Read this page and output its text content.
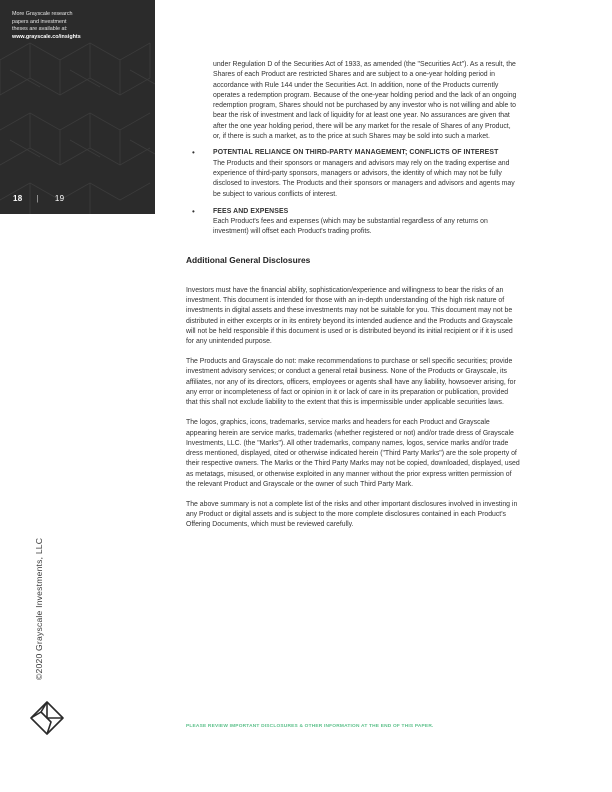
More Grayscale research
papers and investment
theses are available at:
www.grayscale.co/insights
18 | 19
©2020 Grayscale Investments, LLC

under Regulation D of the Securities Act of 1933, as amended (the "Securities Act"). As a result, the Shares of each Product are restricted Shares and are subject to a one-year holding period in accordance with Rule 144 under the Securities Act. In addition, none of the Products currently operates a redemption program. Because of the one-year holding period and the lack of an ongoing redemption program, Shares should not be purchased by any investor who is not willing and able to bear the risk of investment and lack of liquidity for at least one year. No assurances are given that after the one year holding period, there will be any market for the resale of Shares of any Product, or, if there is such a market, as to the price at such Shares may be sold into such a market.

•	POTENTIAL RELIANCE ON THIRD-PARTY MANAGEMENT; CONFLICTS OF INTEREST

The Products and their sponsors or managers and advisors may rely on the trading expertise and experience of third-party sponsors, managers or advisors, the identity of which may not be fully disclosed to investors. The Products and their sponsors or managers and advisors and agents may be subject to various conflicts of interest.

•	FEES AND EXPENSES

Each Product's fees and expenses (which may be substantial regardless of any returns on investment) will offset each Product's trading profits.

Additional General Disclosures

Investors must have the financial ability, sophistication/experience and willingness to bear the risks of an investment. This document is intended for those with an in-depth understanding of the high risk nature of investments in digital assets and these investments may not be suitable for you. This document may not be distributed in either excerpts or in its entirety beyond its intended audience and the Products and Grayscale will not be held responsible if this document is used or is distributed beyond its initial recipient or if it is used for any unintended purpose.

The Products and Grayscale do not: make recommendations to purchase or sell specific securities; provide investment advisory services; or conduct a general retail business. None of the Products or Grayscale, its affiliates, nor any of its directors, officers, employees or agents shall have any liability, howsoever arising, for any error or incompleteness of fact or opinion in it or lack of care in its preparation or publication, provided that this shall not exclude liability to the extent that this is impermissible under applicable securities laws.

The logos, graphics, icons, trademarks, service marks and headers for each Product and Grayscale appearing herein are service marks, trademarks (whether registered or not) and/or trade dress of Grayscale Investments, LLC. (the "Marks"). All other trademarks, company names, logos, service marks and/or trade dress mentioned, displayed, cited or otherwise indicated herein ("Third Party Marks") are the sole property of their respective owners. The Marks or the Third Party Marks may not be copied, downloaded, displayed, used as metatags, misused, or otherwise exploited in any manner without the prior express written permission of the relevant Product and Grayscale or the owner of such Third Party Mark.

The above summary is not a complete list of the risks and other important disclosures involved in investing in any Product or digital assets and is subject to the more complete disclosures contained in each Product's Offering Documents, which must be reviewed carefully.

PLEASE REVIEW IMPORTANT DISCLOSURES & OTHER INFORMATION AT THE END OF THIS PAPER.
